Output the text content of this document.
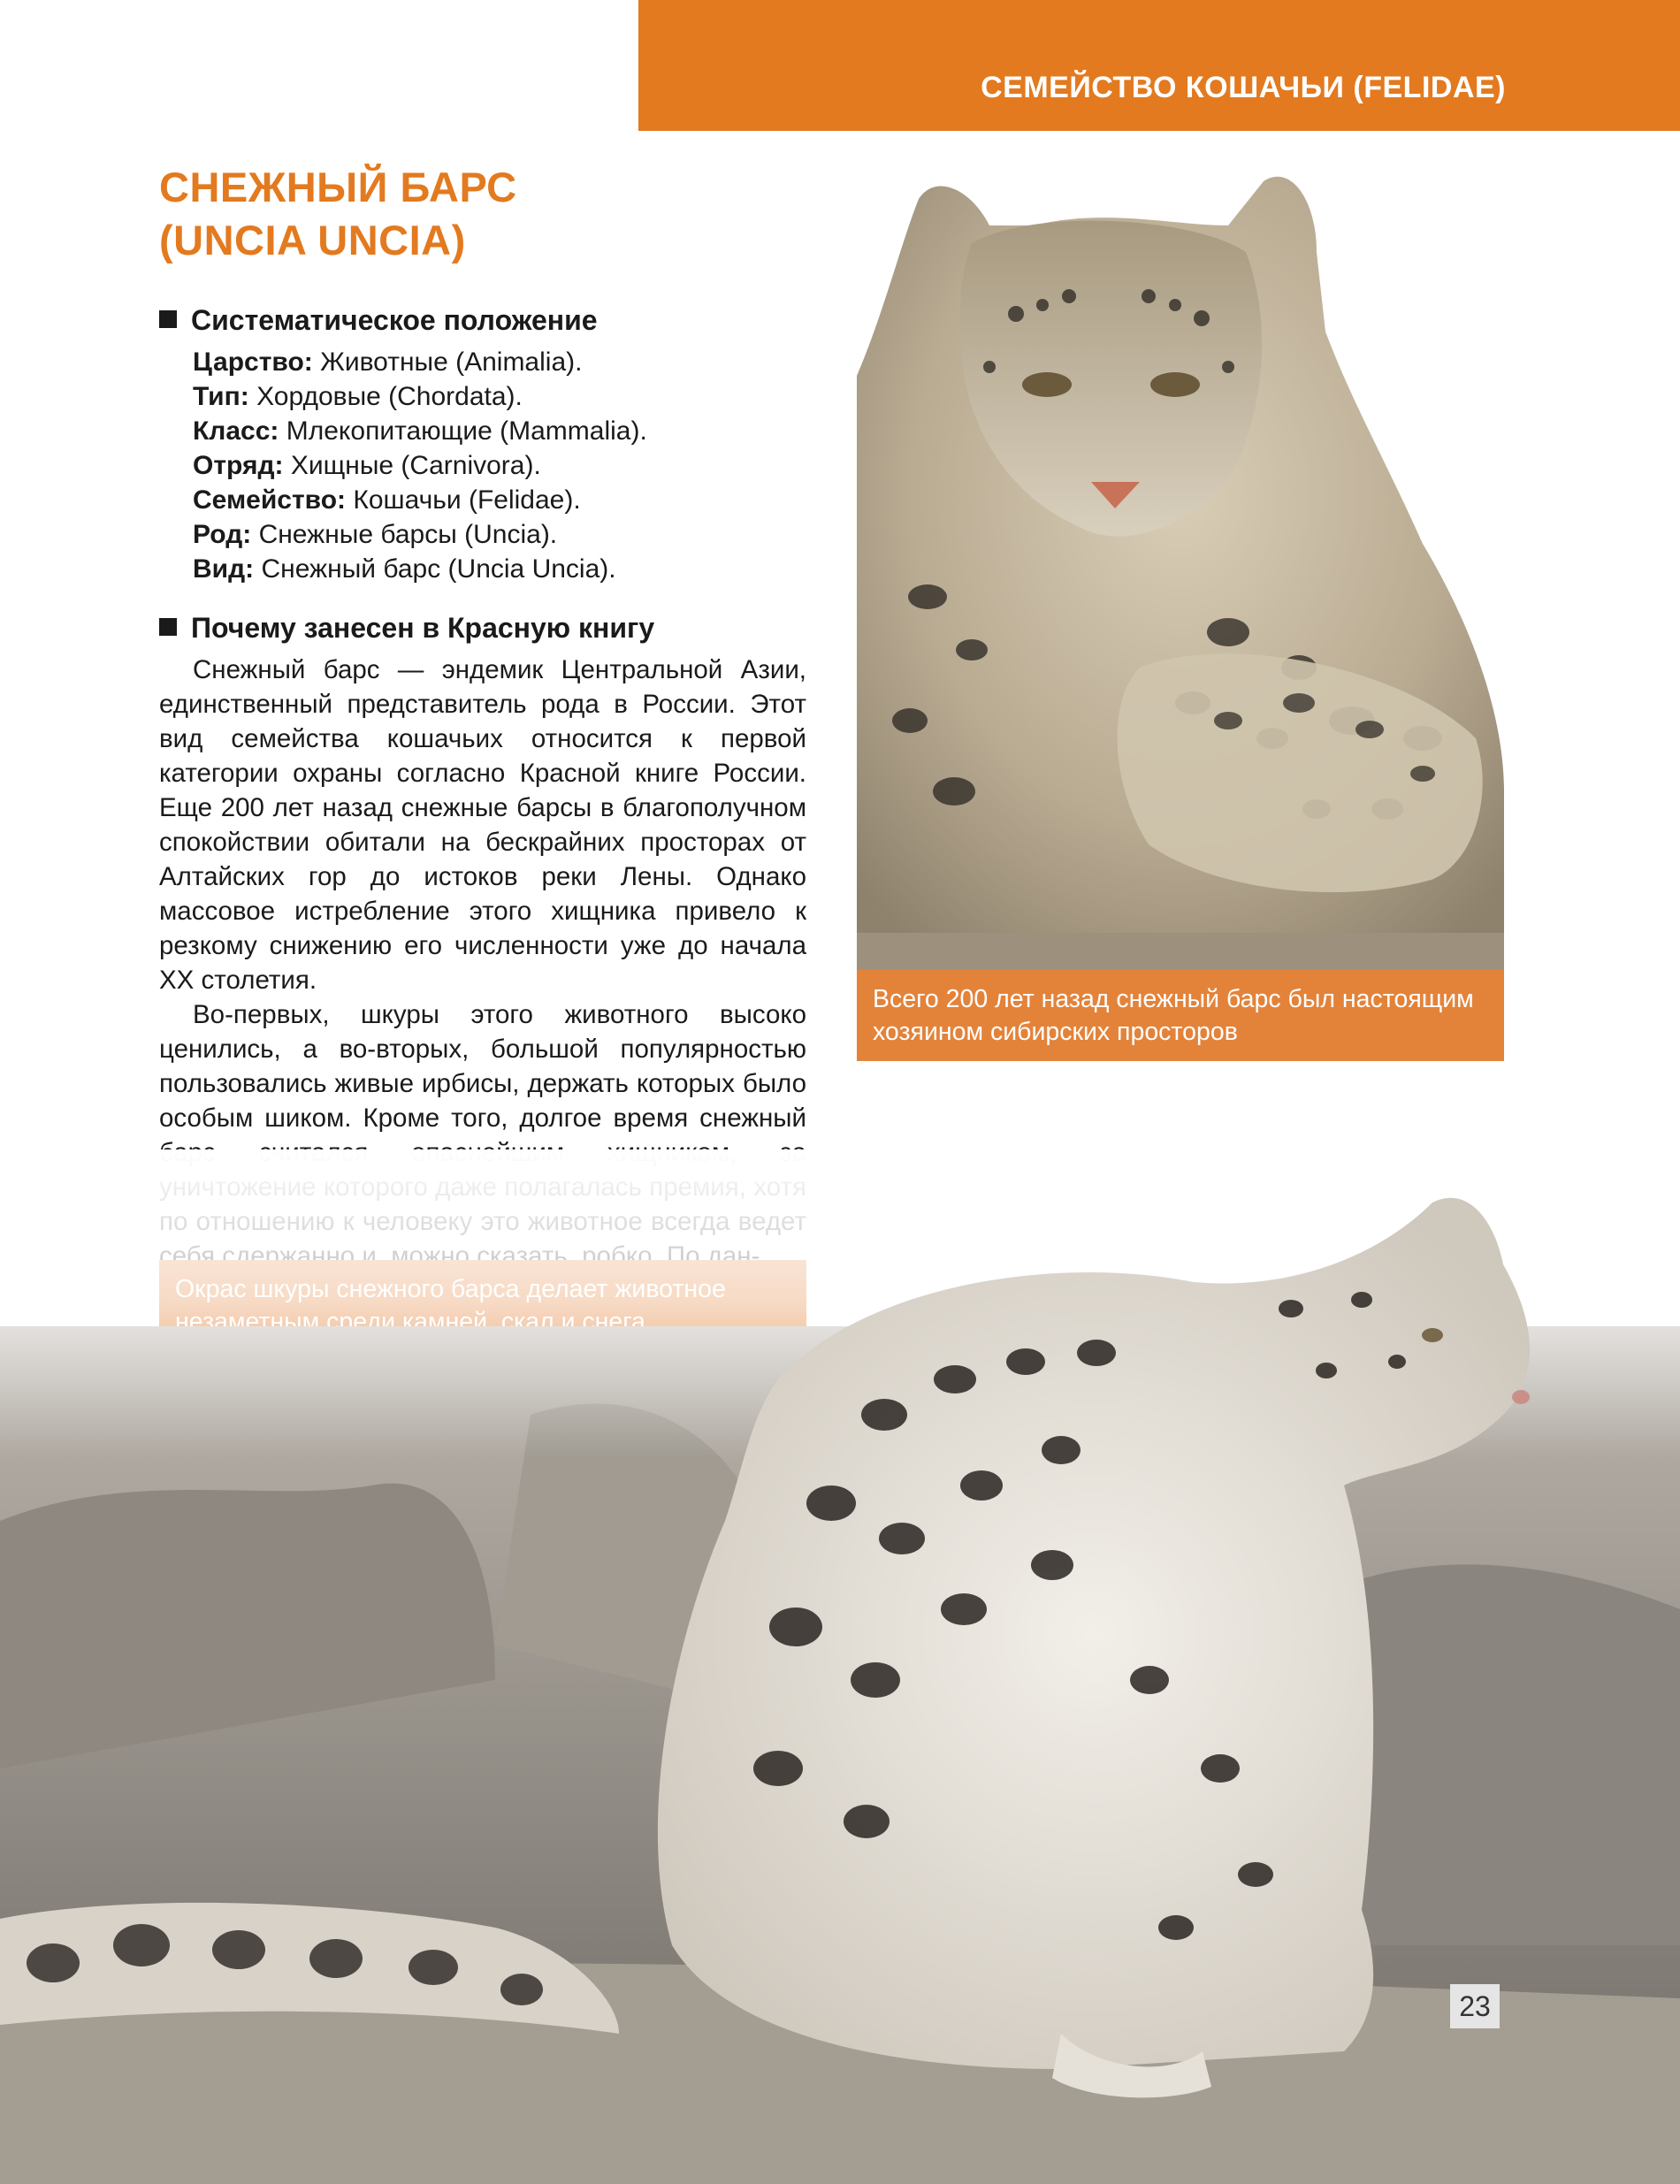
СЕМЕЙСТВО КОШАЧЬИ (FELIDAE)
СНЕЖНЫЙ БАРС
(UNCIA UNCIA)
Систематическое положение
Царство: Животные (Animalia).
Тип: Хордовые (Chordata).
Класс: Млекопитающие (Mammalia).
Отряд: Хищные (Carnivora).
Семейство: Кошачьи (Felidae).
Род: Снежные барсы (Uncia).
Вид: Снежный барс (Uncia Uncia).
Почему занесен в Красную книгу

Снежный барс — эндемик Центральной Азии, единственный представитель рода в России. Этот вид семейства кошачьих относится к первой категории охраны согласно Красной книге России. Еще 200 лет назад снежные барсы в благополучном спокойствии обитали на бескрайних просторах от Алтайских гор до истоков реки Лены. Однако массовое истребление этого хищника привело к резкому снижению его численности уже до начала XX столетия.

Во-первых, шкуры этого животного высоко ценились, а во-вторых, большой популярностью пользовались живые ирбисы, держать которых было особым шиком. Кроме того, долгое время снежный

Всего 200 лет назад снежный барс был настоящим хозяином сибирских просторов
23
